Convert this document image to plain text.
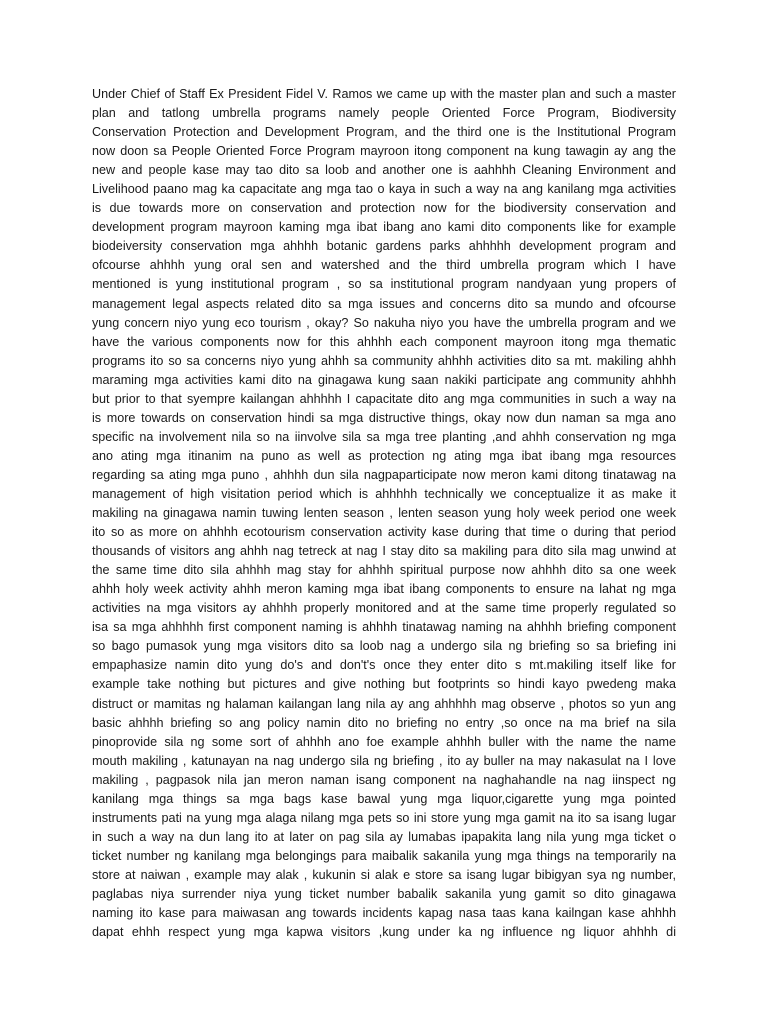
Under Chief of Staff Ex President Fidel V. Ramos we came up with the master plan and such a master
plan and tatlong umbrella programs namely people Oriented Force Program, Biodiversity
Conservation Protection and Development Program, and the third one is the Institutional Program
now doon sa People Oriented Force Program mayroon itong component na kung tawagin ay ang the
new and people kase may tao dito sa loob and another one is aahhhh Cleaning Environment and
Livelihood paano mag ka capacitate ang mga tao o kaya in such a way na ang kanilang mga activities
is due towards more on conservation and protection now for the biodiversity conservation and
development program mayroon kaming mga ibat ibang ano kami dito components like for example
biodeiversity conservation mga ahhhh botanic gardens parks ahhhhh development program and
ofcourse ahhhh yung oral sen and watershed and the third umbrella program which I have
mentioned is yung institutional program , so sa institutional program nandyaan yung propers of
management legal aspects related dito sa mga issues and concerns dito sa mundo and ofcourse
yung concern niyo yung eco tourism , okay? So nakuha niyo you have the umbrella program and we
have the various components now for this ahhhh each component mayroon itong mga thematic
programs ito so sa concerns niyo yung ahhh sa community ahhhh activities dito sa mt. makiling ahhh
maraming mga activities kami dito na ginagawa kung saan nakiki participate ang community ahhhh
but prior to that syempre kailangan ahhhhh I capacitate dito ang mga communities in such a way na
is more towards on conservation hindi sa mga distructive things, okay now dun naman sa mga ano
specific na involvement nila so na iinvolve sila sa mga tree planting ,and ahhh conservation ng mga
ano ating mga itinanim na puno as well as protection ng ating mga ibat ibang mga resources
regarding sa ating mga puno , ahhhh dun sila nagpaparticipate now meron kami ditong tinatawag na
management of high visitation period which is ahhhhh technically we conceptualize it as make it
makiling na ginagawa namin tuwing lenten season , lenten season yung holy week period one week
ito so as more on ahhhh ecotourism conservation activity kase during that time o during that period
thousands of visitors ang ahhh nag tetreck at nag I stay dito sa makiling para dito sila mag unwind at
the same time dito sila ahhhh mag stay for ahhhh spiritual purpose now ahhhh dito sa one week
ahhh holy week activity ahhh meron kaming mga ibat ibang components to ensure na lahat ng mga
activities na mga visitors ay ahhhh properly monitored and at the same time properly regulated so
isa sa mga ahhhhh first component naming is ahhhh tinatawag naming na ahhhh briefing component
so bago pumasok yung mga visitors dito sa loob nag a undergo sila ng briefing so sa briefing ini
empaphasize namin dito yung do's and don't's once they enter dito s mt.makiling itself like for
example take nothing but pictures and give nothing but footprints so hindi kayo pwedeng maka
distruct or mamitas ng halaman kailangan lang nila ay ang ahhhhh mag observe , photos so yun ang
basic ahhhh briefing so ang policy namin dito no briefing no entry ,so once na ma brief na sila
pinoprovide sila ng some sort of ahhhh ano foe example ahhhh buller with the name the name
mouth makiling , katunayan na nag undergo sila ng briefing , ito ay buller na may nakasulat na I love
makiling , pagpasok nila jan meron naman isang component na naghahandle na nag iinspect ng
kanilang mga things sa mga bags kase bawal yung mga liquor,cigarette yung mga pointed
instruments pati na yung mga alaga nilang mga pets so ini store yung mga gamit na ito sa isang lugar
in such a way na dun lang ito at later on pag sila ay lumabas ipapakita lang nila yung mga ticket o
ticket number ng kanilang mga belongings para maibalik sakanila yung mga things na temporarily na
store at naiwan , example may alak , kukunin si alak e store sa isang lugar bibigyan sya ng number,
paglabas niya surrender niya yung ticket number babalik sakanila yung gamit so dito ginagawa
naming ito kase para maiwasan ang towards incidents kapag nasa taas kana kailngan kase ahhhh
dapat ehhh respect yung mga kapwa visitors ,kung under ka ng influence ng liquor ahhhh di
